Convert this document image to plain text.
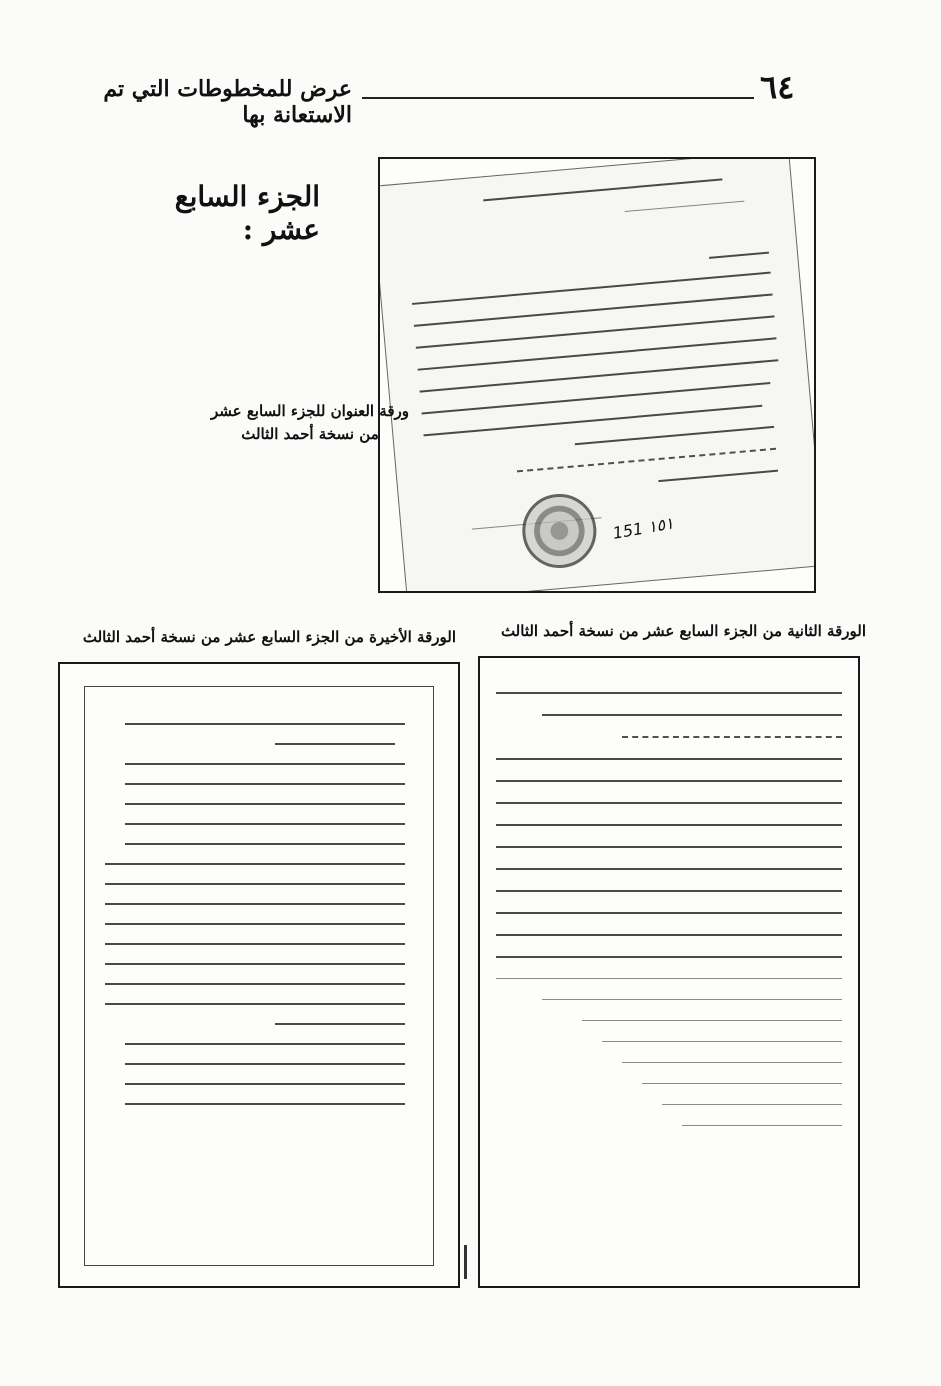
٦٤
عرض للمخطوطات التي تم الاستعانة بها
الجزء السابع عشر :
151 ١٥١
ورقة العنوان للجزء السابع عشر
من نسخة أحمد الثالث
الورقة الثانية من الجزء السابع عشر من نسخة أحمد الثالث
الورقة الأخيرة من الجزء السابع عشر من نسخة أحمد الثالث
